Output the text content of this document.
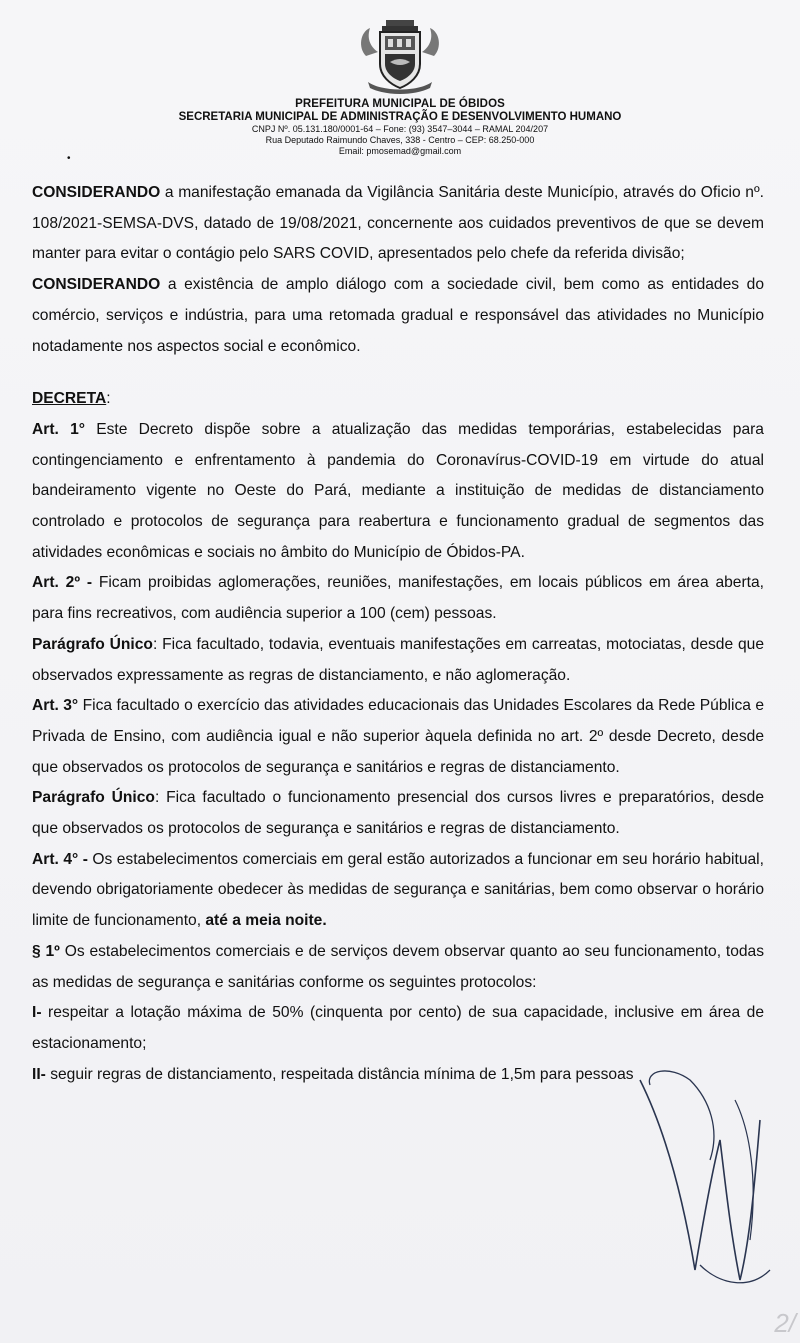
PREFEITURA MUNICIPAL DE ÓBIDOS
SECRETARIA MUNICIPAL DE ADMINISTRAÇÃO E DESENVOLVIMENTO HUMANO
CNPJ Nº. 05.131.180/0001-64 – Fone: (93) 3547–3044 – RAMAL 204/207
Rua Deputado Raimundo Chaves, 338 - Centro – CEP: 68.250-000
Email: pmosemad@gmail.com
•

CONSIDERANDO a manifestação emanada da Vigilância Sanitária deste Município, através do Oficio nº. 108/2021-SEMSA-DVS, datado de 19/08/2021, concernente aos cuidados preventivos de que se devem manter para evitar o contágio pelo SARS COVID, apresentados pelo chefe da referida divisão;

CONSIDERANDO a existência de amplo diálogo com a sociedade civil, bem como as entidades do comércio, serviços e indústria, para uma retomada gradual e responsável das atividades no Município notadamente nos aspectos social e econômico.

DECRETA:

Art. 1° Este Decreto dispõe sobre a atualização das medidas temporárias, estabelecidas para contingenciamento e enfrentamento à pandemia do Coronavírus-COVID-19 em virtude do atual bandeiramento vigente no Oeste do Pará, mediante a instituição de medidas de distanciamento controlado e protocolos de segurança para reabertura e funcionamento gradual de segmentos das atividades econômicas e sociais no âmbito do Município de Óbidos-PA.

Art. 2º - Ficam proibidas aglomerações, reuniões, manifestações, em locais públicos em área aberta, para fins recreativos, com audiência superior a 100 (cem) pessoas.

Parágrafo Único: Fica facultado, todavia, eventuais manifestações em carreatas, motociatas, desde que observados expressamente as regras de distanciamento, e não aglomeração.

Art. 3° Fica facultado o exercício das atividades educacionais das Unidades Escolares da Rede Pública e Privada de Ensino, com audiência igual e não superior àquela definida no art. 2º desde Decreto, desde que observados os protocolos de segurança e sanitários e regras de distanciamento.

Parágrafo Único: Fica facultado o funcionamento presencial dos cursos livres e preparatórios, desde que observados os protocolos de segurança e sanitários e regras de distanciamento.

Art. 4° - Os estabelecimentos comerciais em geral estão autorizados a funcionar em seu horário habitual, devendo obrigatoriamente obedecer às medidas de segurança e sanitárias, bem como observar o horário limite de funcionamento, até a meia noite.

§ 1º Os estabelecimentos comerciais e de serviços devem observar quanto ao seu funcionamento, todas as medidas de segurança e sanitárias conforme os seguintes protocolos:

I- respeitar a lotação máxima de 50% (cinquenta por cento) de sua capacidade, inclusive em área de estacionamento;

II- seguir regras de distanciamento, respeitada distância mínima de 1,5m para pessoas

2/
